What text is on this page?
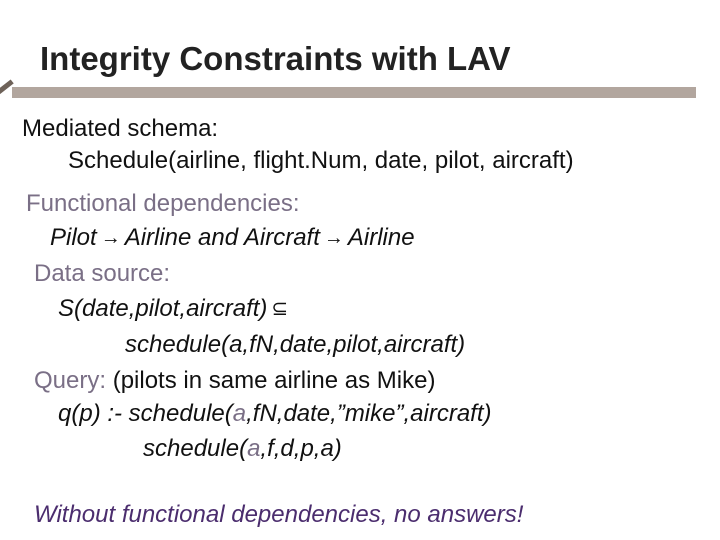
Integrity Constraints with LAV
Mediated schema:
Schedule(airline, flight.Num, date, pilot, aircraft)
Functional dependencies:
Pilot → Airline and Aircraft → Airline
Data source:
S(date,pilot,aircraft) ⊆
schedule(a,fN,date,pilot,aircraft)
Query: (pilots in same airline as Mike)
q(p) :- schedule(a,fN,date,”mike”,aircraft)
schedule(a,f,d,p,a)
Without functional dependencies, no answers!
